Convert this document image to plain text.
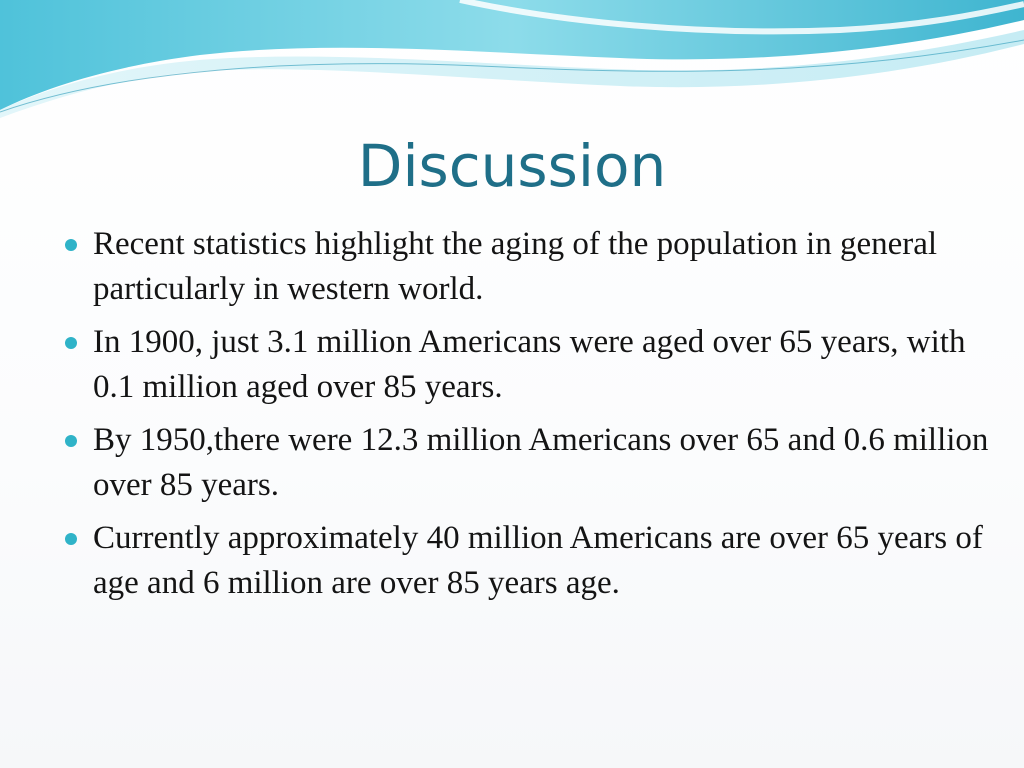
Discussion
Recent statistics highlight the aging of the population in general particularly in western world.
In 1900, just 3.1 million Americans were aged over 65 years, with 0.1 million aged over 85 years.
By 1950,there were 12.3 million Americans over 65 and 0.6 million over 85 years.
Currently approximately 40 million Americans are over 65 years of age and 6 million are over 85 years age.
